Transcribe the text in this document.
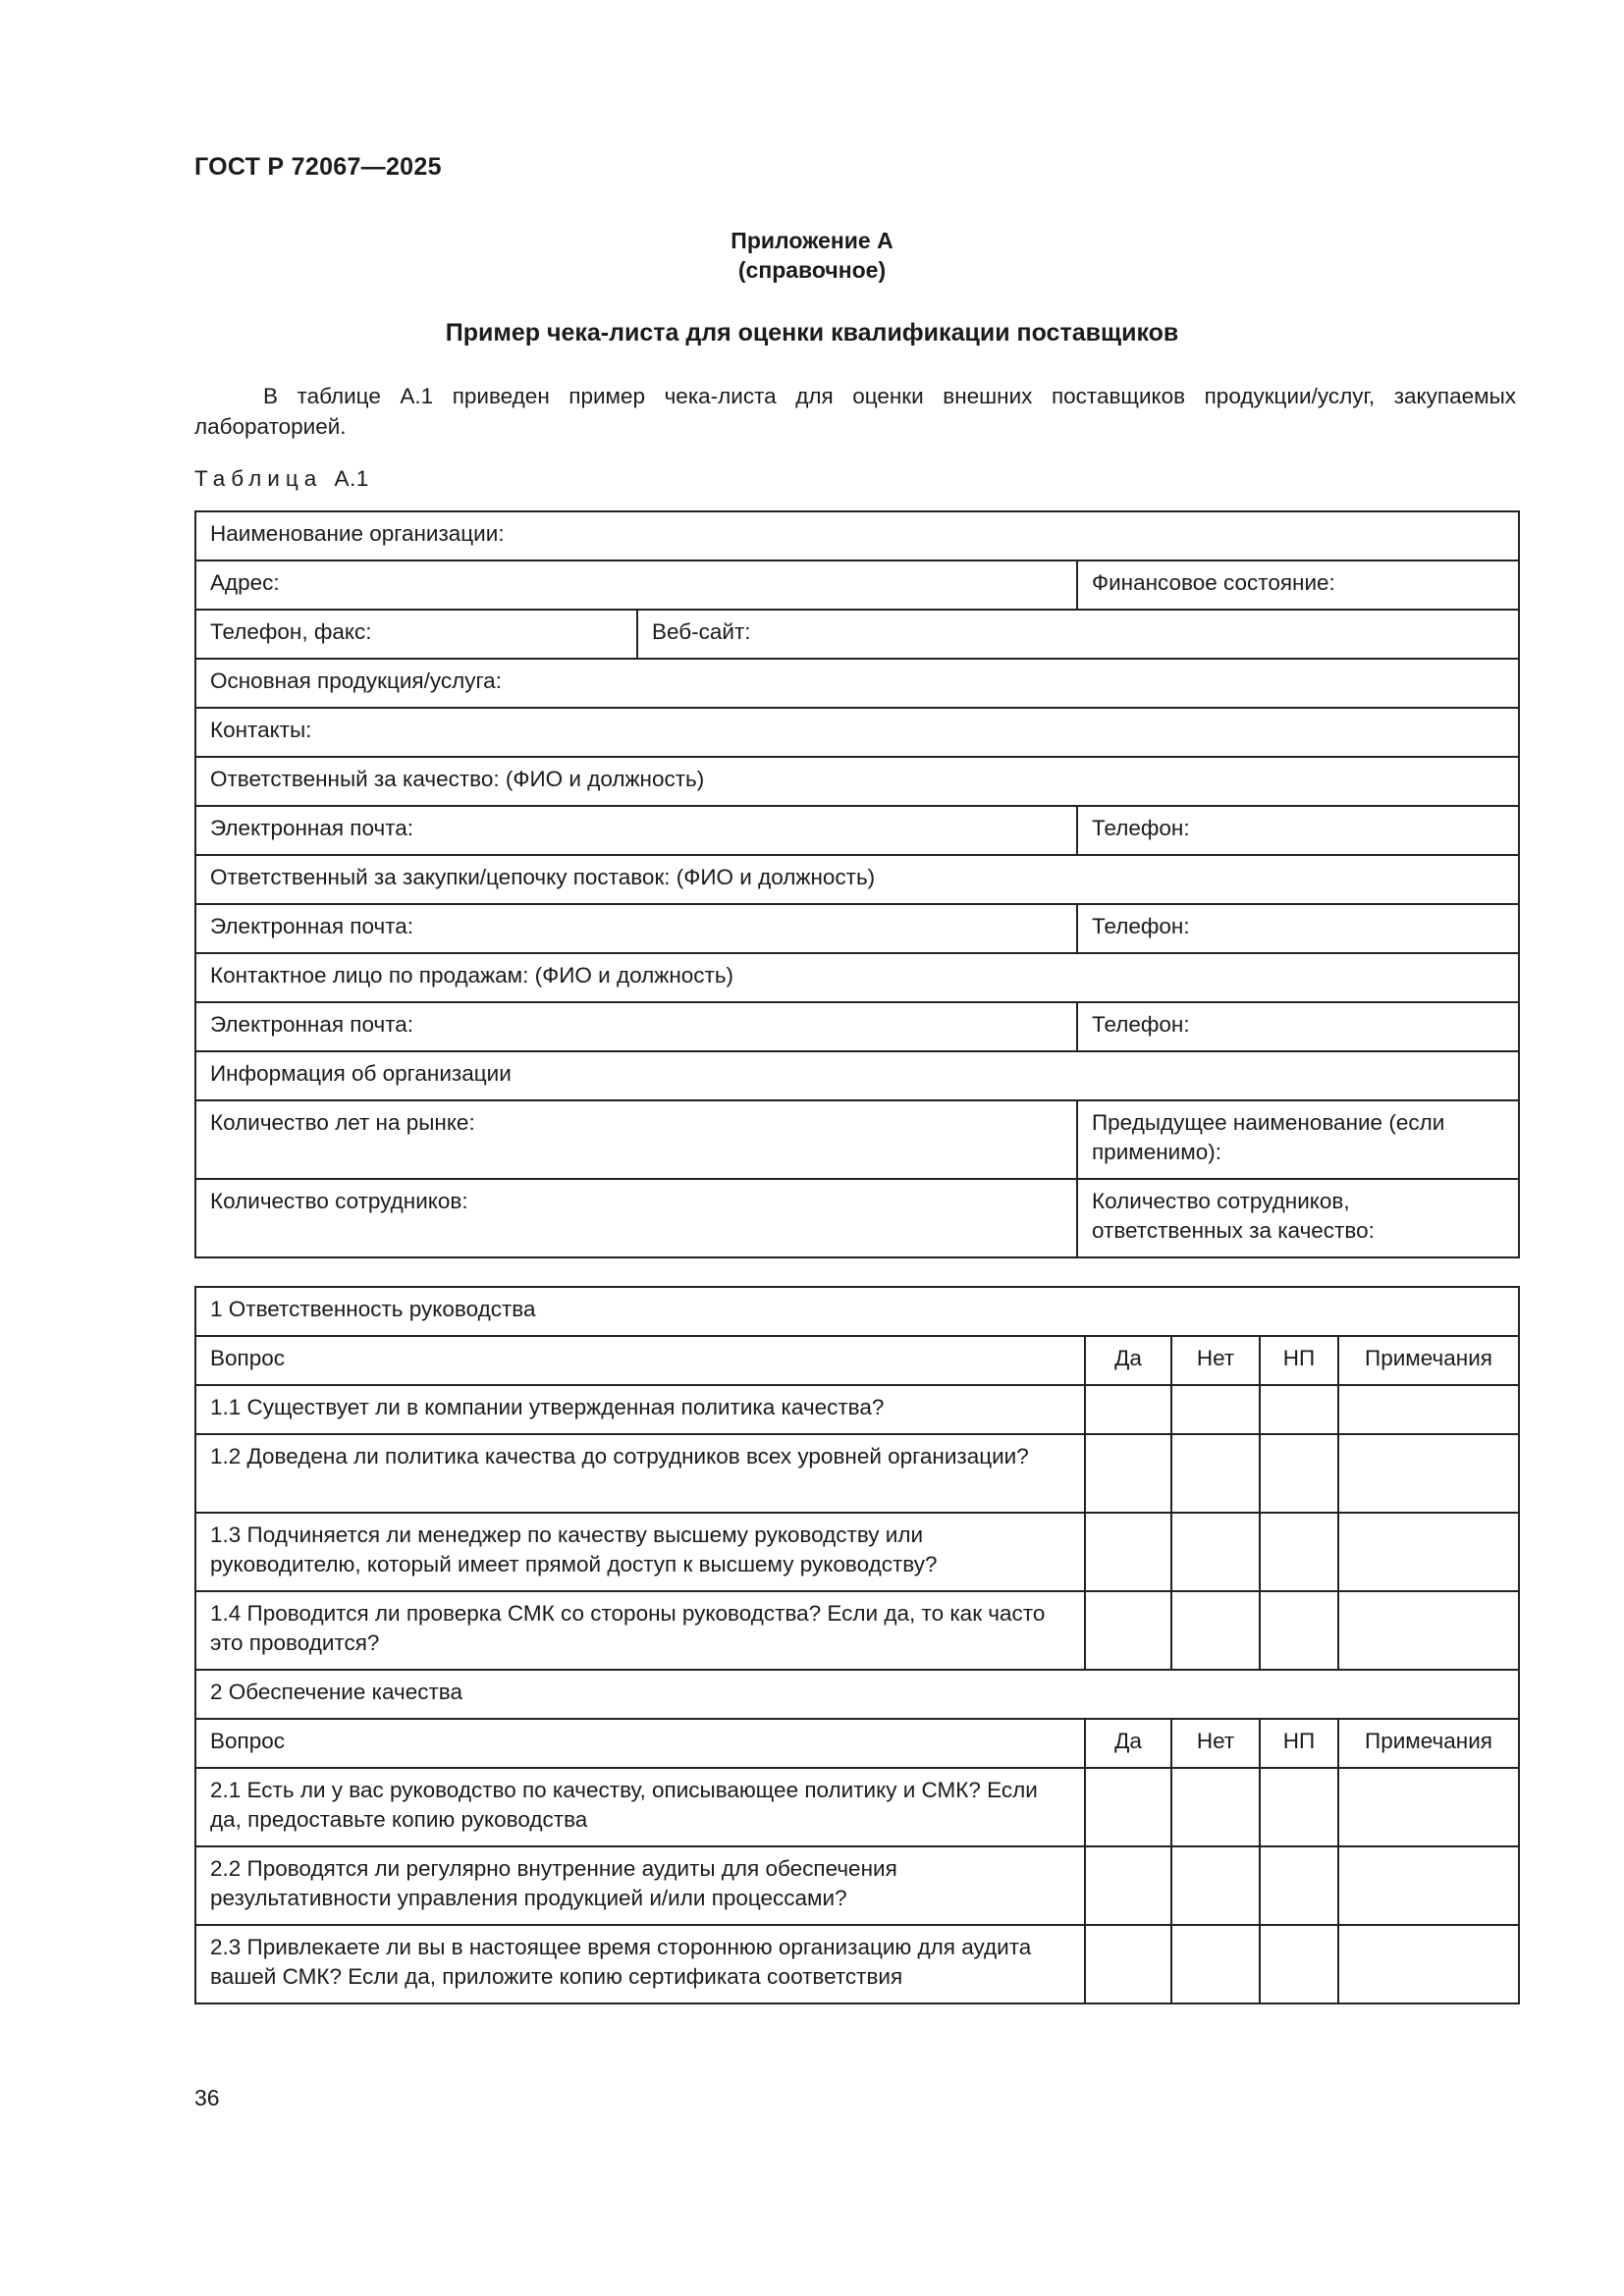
ГОСТ Р 72067—2025
Приложение А
(справочное)
Пример чека-листа для оценки квалификации поставщиков

В таблице А.1 приведен пример чека-листа для оценки внешних поставщиков продукции/услуг, закупаемых лабораторией.

Таблица А.1
Наименование организации:		
Адрес:		Финансовое состояние:
Телефон, факс:	Веб-сайт:	
Основная продукция/услуга:		
Контакты:		
Ответственный за качество: (ФИО и должность)		
Электронная почта:		Телефон:
Ответственный за закупки/цепочку поставок: (ФИО и должность)		
Электронная почта:		Телефон:
Контактное лицо по продажам: (ФИО и должность)		
Электронная почта:		Телефон:
Информация об организации		
Количество лет на рынке:		Предыдущее наименование (если применимо):
Количество сотрудников:		Количество сотрудников, ответственных за качество:
1 Ответственность руководства				
Вопрос	Да	Нет	НП	Примечания
1.1 Существует ли в компании утвержденная политика качества?				
1.2 Доведена ли политика качества до сотрудников всех уровней организации?				
1.3 Подчиняется ли менеджер по качеству высшему руководству или руководителю, который имеет прямой доступ к высшему руководству?				
1.4 Проводится ли проверка СМК со стороны руководства? Если да, то как часто это проводится?				
2 Обеспечение качества				
Вопрос	Да	Нет	НП	Примечания
2.1 Есть ли у вас руководство по качеству, описывающее политику и СМК? Если да, предоставьте копию руководства				
2.2 Проводятся ли регулярно внутренние аудиты для обеспечения результативности управления продукцией и/или процессами?				
2.3 Привлекаете ли вы в настоящее время стороннюю организацию для аудита вашей СМК? Если да, приложите копию сертификата соответствия				
36
